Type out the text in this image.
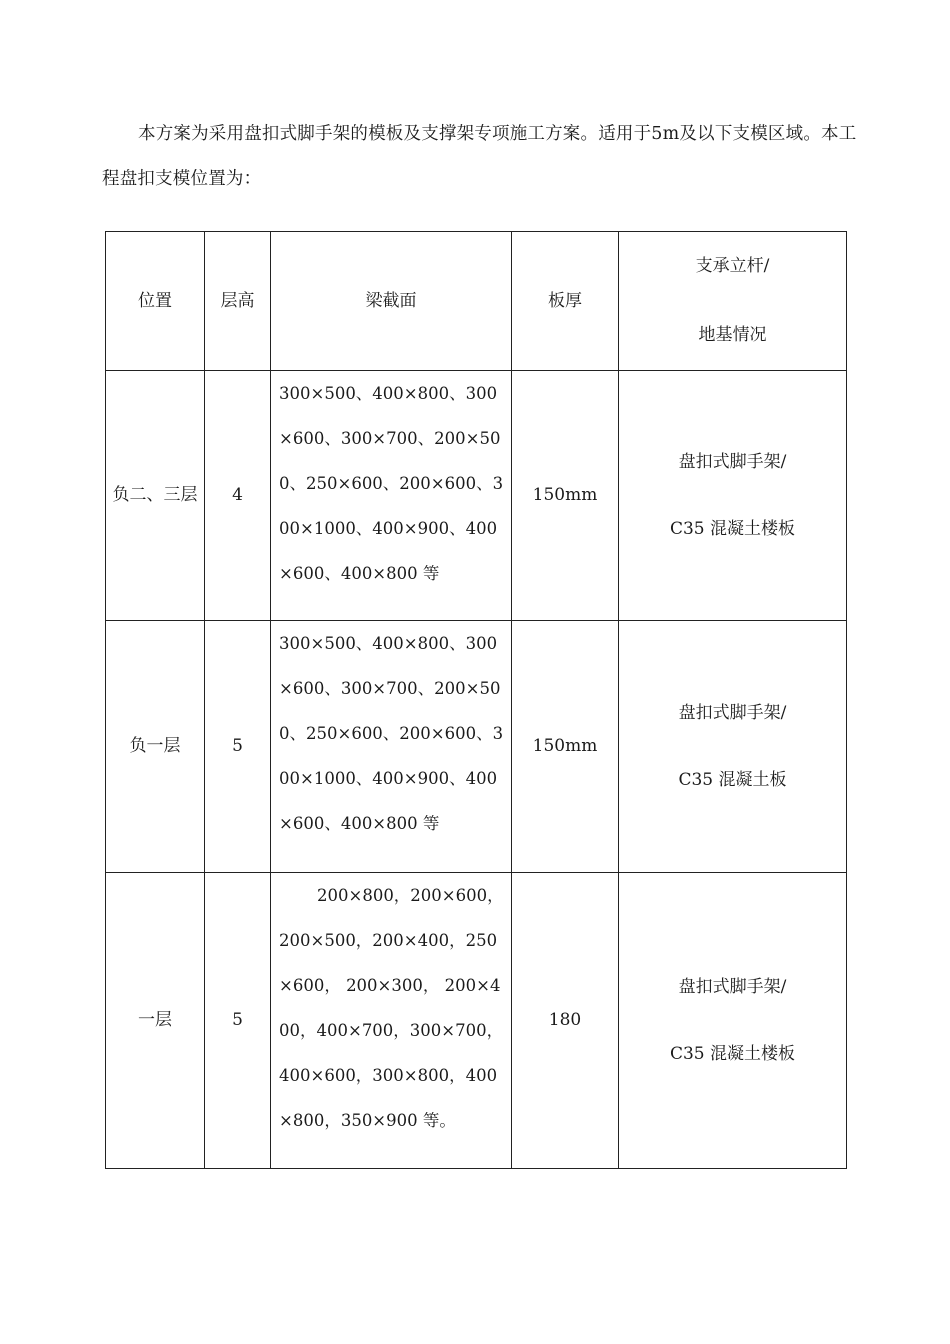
本方案为采用盘扣式脚手架的模板及支撑架专项施工方案。适用于5m及以下支模区域。本工程盘扣支模位置为：

位置	层高	梁截面	板厚	支承立杆/
地基情况

负二、三层	4	300×500、400×800、300×600、300×700、200×500、250×600、200×600、300×1000、400×900、400×600、400×800 等	150mm	盘扣式脚手架/
C35 混凝土楼板

负一层	5	300×500、400×800、300×600、300×700、200×500、250×600、200×600、300×1000、400×900、400×600、400×800 等	150mm	盘扣式脚手架/
C35 混凝土板

一层	5	200×800，200×600，200×500，200×400，250×600， 200×300， 200×400，400×700，300×700，400×600，300×800，400×800，350×900 等。	180	盘扣式脚手架/
C35 混凝土楼板
